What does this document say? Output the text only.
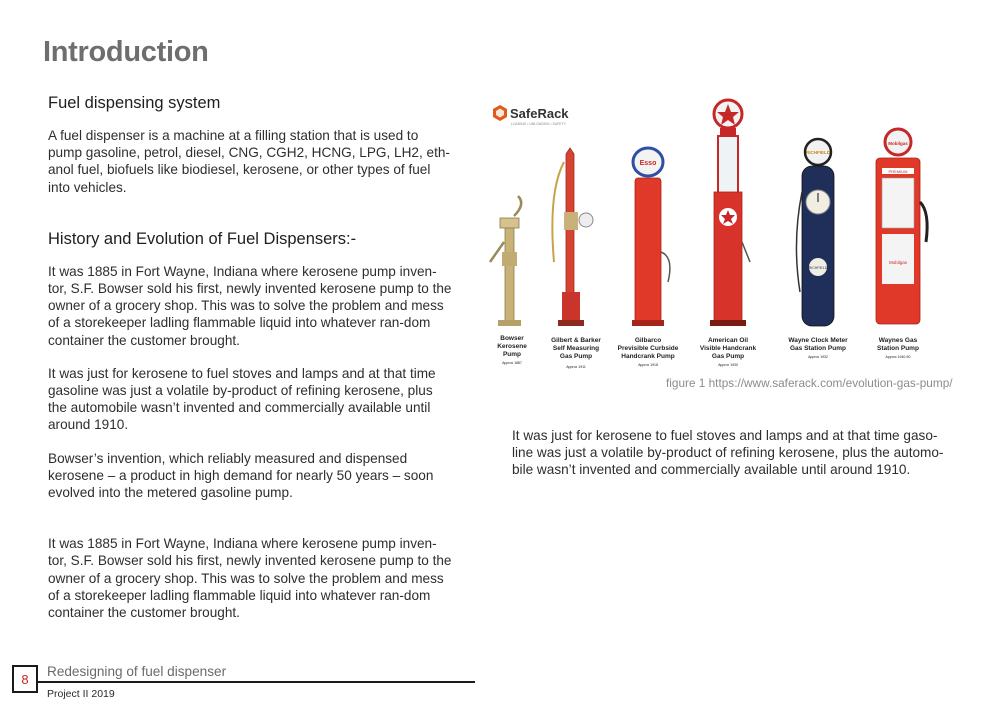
Introduction
Fuel dispensing system

A fuel dispenser is a machine at a filling station that is used to pump gasoline, petrol, diesel, CNG, CGH2, HCNG, LPG, LH2, eth-anol fuel, biofuels like biodiesel, kerosene, or other types of fuel into vehicles.

History and Evolution of Fuel Dispensers:-

It was 1885 in Fort Wayne, Indiana where kerosene pump inven-tor, S.F. Bowser sold his first, newly invented kerosene pump to the owner of a grocery shop. This was to solve the problem and mess of a storekeeper ladling flammable liquid into whatever ran-dom container the customer brought.

It was just for kerosene to fuel stoves and lamps and at that time gasoline was just a volatile by-product of refining kerosene, plus the automobile wasn’t invented and commercially available until around 1910.

Bowser’s invention, which reliably measured and dispensed kerosene – a product in high demand for nearly 50 years – soon evolved into the metered gasoline pump.

It was 1885 in Fort Wayne, Indiana where kerosene pump inven-tor, S.F. Bowser sold his first, newly invented kerosene pump to the owner of a grocery shop. This was to solve the problem and mess of a storekeeper ladling flammable liquid into whatever ran-dom container the customer brought.

SafeRack
LOADING • UNLOADING • SAFETY
Esso
RICHFIELD
RICHFIELD
Mobilgas
PREMIUM
Mobilgas
Bowser
Kerosene
Pump
Approx 1887
Gilbert & Barker
Self Measuring
Gas Pump
Approx 1911
Gilbarco
Previsible Curbside
Handcrank Pump
Approx 1918
American Oil
Visible Handcrank
Gas Pump
Approx 1930
Wayne Clock Meter
Gas Station Pump
Approx 1932
Waynes Gas
Station Pump
Approx 1940-50
figure 1 https://www.saferack.com/evolution-gas-pump/

It was just for kerosene to fuel stoves and lamps and at that time gaso-line was just a volatile by-product of refining kerosene, plus the automo-bile wasn’t invented and commercially available until around 1910.

8 Redesigning of fuel dispenser
Project II 2019
